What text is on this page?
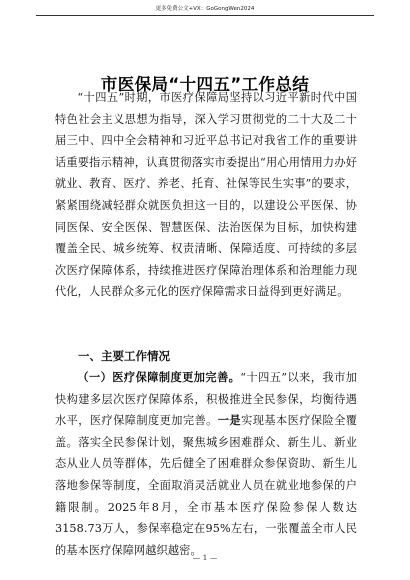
更多免费公文+VX：GoGongWen2024
市医保局“十四五”工作总结

“十四五”时期，市医疗保障局坚持以习近平新时代中国特色社会主义思想为指导，深入学习贯彻党的二十大及二十届三中、四中全会精神和习近平总书记对我省工作的重要讲话重要指示精神，认真贯彻落实市委提出“用心用情用力办好就业、教育、医疗、养老、托育、社保等民生实事”的要求，紧紧围绕减轻群众就医负担这一目的，以建设公平医保、协同医保、安全医保、智慧医保、法治医保为目标，加快构建覆盖全民、城乡统筹、权责清晰、保障适度、可持续的多层次医疗保障体系，持续推进医疗保障治理体系和治理能力现代化，人民群众多元化的医疗保障需求日益得到更好满足。

一、主要工作情况

（一）医疗保障制度更加完善。“十四五”以来，我市加快构建多层次医疗保障体系，积极推进全民参保，均衡待遇水平，医疗保障制度更加完善。一是实现基本医疗保险全覆盖。落实全民参保计划，聚焦城乡困难群众、新生儿、新业态从业人员等群体，先后健全了困难群众参保资助、新生儿落地参保等制度，全面取消灵活就业人员在就业地参保的户籍限制。2025年8月，全市基本医疗保险参保人数达3158.73万人，参保率稳定在95%左右，一张覆盖全市人民的基本医疗保障网越织越密。

— 1 —
